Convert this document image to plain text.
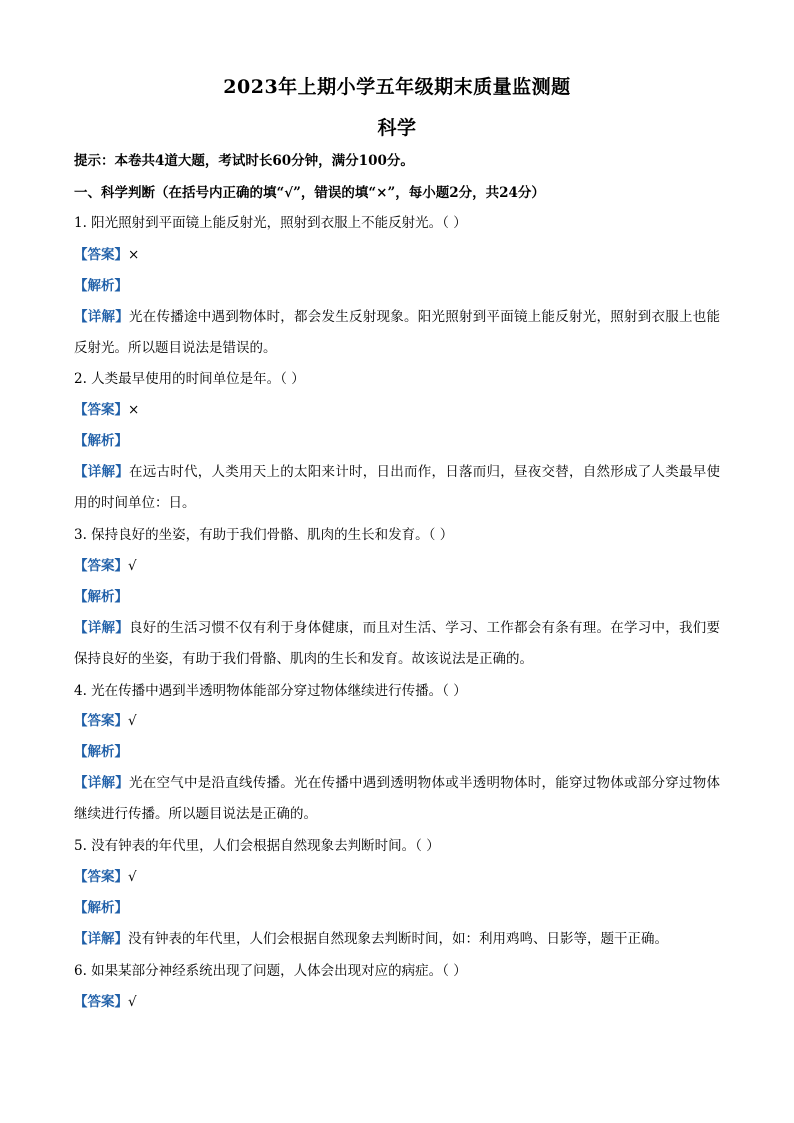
2023年上期小学五年级期末质量监测题
科学
提示：本卷共4道大题，考试时长60分钟，满分100分。
一、科学判断（在括号内正确的填“√”，错误的填“×”，每小题2分，共24分）
1. 阳光照射到平面镜上能反射光，照射到衣服上不能反射光。（ ）
【答案】×
【解析】
【详解】光在传播途中遇到物体时，都会发生反射现象。阳光照射到平面镜上能反射光，照射到衣服上也能反射光。所以题目说法是错误的。
2. 人类最早使用的时间单位是年。（ ）
【答案】×
【解析】
【详解】在远古时代，人类用天上的太阳来计时，日出而作，日落而归，昼夜交替，自然形成了人类最早使用的时间单位：日。
3. 保持良好的坐姿，有助于我们骨骼、肌肉的生长和发育。（ ）
【答案】√
【解析】
【详解】良好的生活习惯不仅有利于身体健康，而且对生活、学习、工作都会有条有理。在学习中，我们要保持良好的坐姿，有助于我们骨骼、肌肉的生长和发育。故该说法是正确的。
4. 光在传播中遇到半透明物体能部分穿过物体继续进行传播。（ ）
【答案】√
【解析】
【详解】光在空气中是沿直线传播。光在传播中遇到透明物体或半透明物体时，能穿过物体或部分穿过物体继续进行传播。所以题目说法是正确的。
5. 没有钟表的年代里，人们会根据自然现象去判断时间。（ ）
【答案】√
【解析】
【详解】没有钟表的年代里，人们会根据自然现象去判断时间，如：利用鸡鸣、日影等，题干正确。
6. 如果某部分神经系统出现了问题，人体会出现对应的病症。（ ）
【答案】√
